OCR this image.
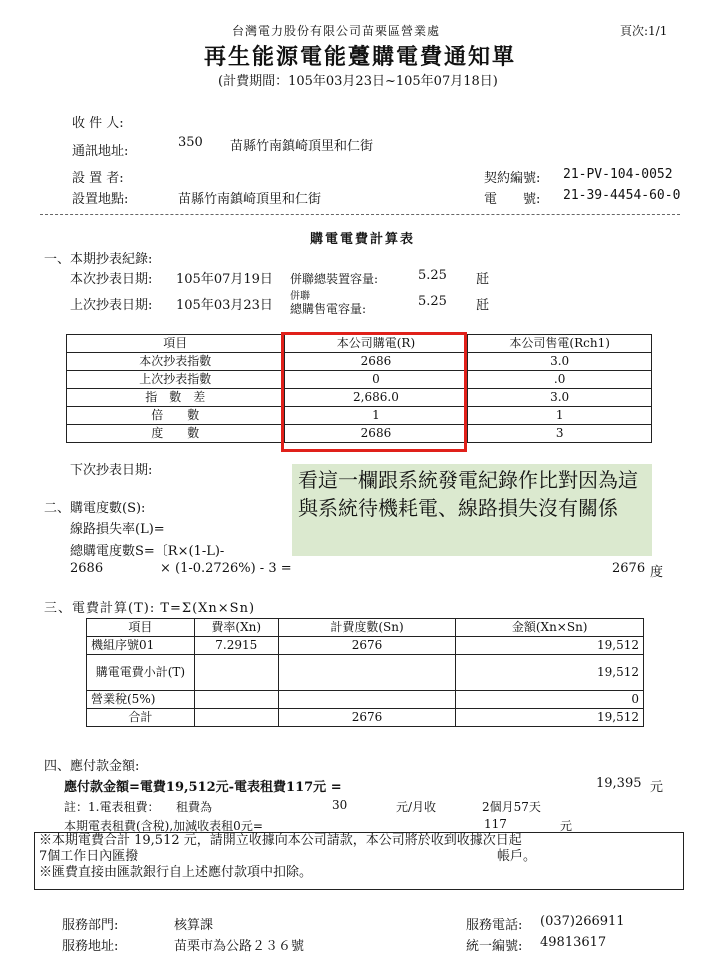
台灣電力股份有限公司苗栗區營業處	頁次:1/1
再生能源電能躉購電費通知單
(計費期間：105年03月23日~105年07月18日)
收 件 人:
通訊地址:
350 苗縣竹南鎮崎頂里和仁街
設 置 者:
設置地點:	苗縣竹南鎮崎頂里和仁街
契約編號: 21-PV-104-0052
電　　號: 21-39-4454-60-0
購電電費計算表
一、本期抄表紀錄:
本次抄表日期: 105年07月19日 併聯總裝置容量:	5.25 瓩
上次抄表日期: 105年03月23日
併聯
總購售電容量:	5.25 瓩
項目	本公司購電(R)	本公司售電(Rch1)
本次抄表指數	2686	3.0
上次抄表指數	0	.0
指　數　差	2,686.0	3.0
倍　　數	1	1
度　　數	2686	3
下次抄表日期:
二、購電度數(S):
線路損失率(L)=
總購電度數S=〔R×(1-L)-
2686	× (1-0.2726%) - 3 =	2676 度
看這一欄跟系統發電紀錄作比對因為這與系統待機耗電、線路損失沒有關係
三、電費計算(T): T=Σ(Xn×Sn)
項目	費率(Xn)	計費度數(Sn)	金額(Xn×Sn)
機組序號01	7.2915	2676	19,512
購電電費小計(T)			19,512
營業稅(5%)			0
合計		2676	19,512
四、應付款金額:
應付款金額=電費19,512元-電表租費117元 =	19,395 元
註：1.電表租費： 租費為	30	元/月收	2個月57天
本期電表租費(含稅),加減收表租0元=	117	元
※本期電費合計 19,512 元，請開立收據向本公司請款，本公司將於收到收據次日起
7個工作日內匯撥	帳戶。
※匯費直接由匯款銀行自上述應付款項中扣除。
服務部門:	核算課	服務電話: (037)266911
服務地址:	苗栗市為公路２３６號	統一編號: 49813617
